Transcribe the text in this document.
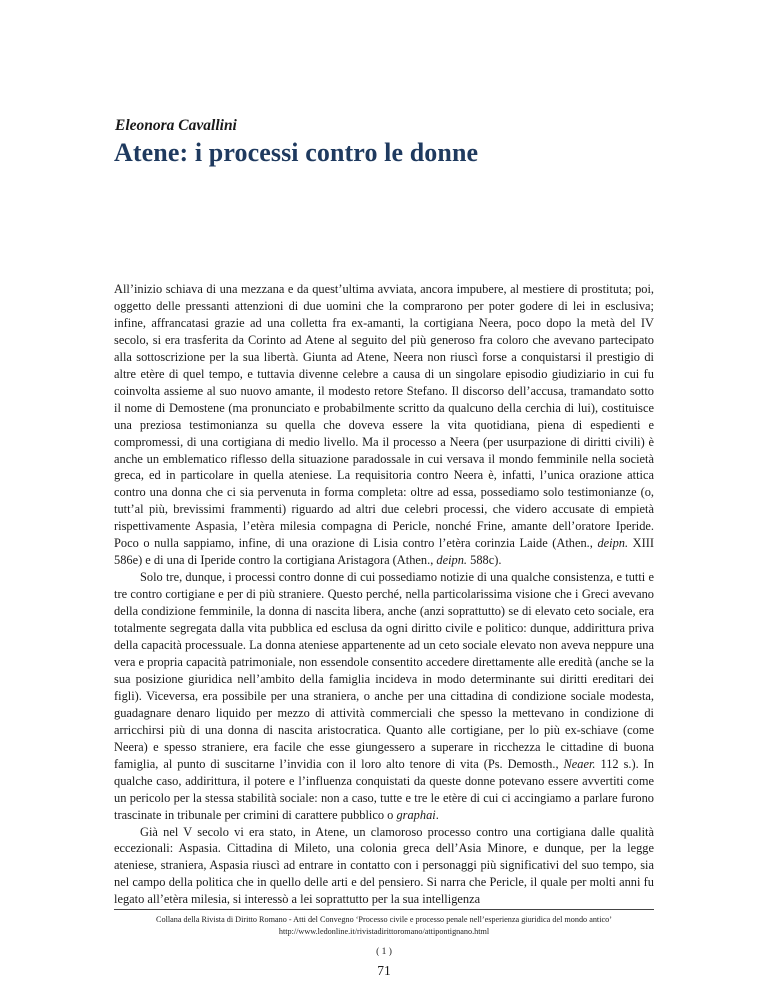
Eleonora Cavallini
Atene: i processi contro le donne

All’inizio schiava di una mezzana e da quest’ultima avviata, ancora impubere, al mestiere di prostituta; poi, oggetto delle pressanti attenzioni di due uomini che la comprarono per poter godere di lei in esclusiva; infine, affrancatasi grazie ad una colletta fra ex-amanti, la cortigiana Neera, poco dopo la metà del IV secolo, si era trasferita da Corinto ad Atene al seguito del più generoso fra coloro che avevano partecipato alla sottoscrizione per la sua libertà. Giunta ad Atene, Neera non riuscì forse a conquistarsi il prestigio di altre etère di quel tempo, e tuttavia divenne celebre a causa di un singolare episodio giudiziario in cui fu coinvolta assieme al suo nuovo amante, il modesto retore Stefano. Il discorso dell’accusa, tramandato sotto il nome di Demostene (ma pronunciato e probabilmente scritto da qualcuno della cerchia di lui), costituisce una preziosa testimonianza su quella che doveva essere la vita quotidiana, piena di espedienti e compromessi, di una cortigiana di medio livello. Ma il processo a Neera (per usurpazione di diritti civili) è anche un emblematico riflesso della situazione paradossale in cui versava il mondo femminile nella società greca, ed in particolare in quella ateniese. La requisitoria contro Neera è, infatti, l’unica orazione attica contro una donna che ci sia pervenuta in forma completa: oltre ad essa, possediamo solo testimonianze (o, tutt’al più, brevissimi frammenti) riguardo ad altri due celebri processi, che videro accusate di empietà rispettivamente Aspasia, l’etèra milesia compagna di Pericle, nonché Frine, amante dell’oratore Iperide. Poco o nulla sappiamo, infine, di una orazione di Lisia contro l’etèra corinzia Laide (Athen., deipn. XIII 586e) e di una di Iperide contro la cortigiana Aristagora (Athen., deipn. 588c).

Solo tre, dunque, i processi contro donne di cui possediamo notizie di una qualche consistenza, e tutti e tre contro cortigiane e per di più straniere. Questo perché, nella particolarissima visione che i Greci avevano della condizione femminile, la donna di nascita libera, anche (anzi soprattutto) se di elevato ceto sociale, era totalmente segregata dalla vita pubblica ed esclusa da ogni diritto civile e politico: dunque, addirittura priva della capacità processuale. La donna ateniese appartenente ad un ceto sociale elevato non aveva neppure una vera e propria capacità patrimoniale, non essendole consentito accedere direttamente alle eredità (anche se la sua posizione giuridica nell’ambito della famiglia incideva in modo determinante sui diritti ereditari dei figli). Viceversa, era possibile per una straniera, o anche per una cittadina di condizione sociale modesta, guadagnare denaro liquido per mezzo di attività commerciali che spesso la mettevano in condizione di arricchirsi più di una donna di nascita aristocratica. Quanto alle cortigiane, per lo più ex-schiave (come Neera) e spesso straniere, era facile che esse giungessero a superare in ricchezza le cittadine di buona famiglia, al punto di suscitarne l’invidia con il loro alto tenore di vita (Ps. Demosth., Neaer. 112 s.). In qualche caso, addirittura, il potere e l’influenza conquistati da queste donne potevano essere avvertiti come un pericolo per la stessa stabilità sociale: non a caso, tutte e tre le etère di cui ci accingiamo a parlare furono trascinate in tribunale per crimini di carattere pubblico o graphai.

Già nel V secolo vi era stato, in Atene, un clamoroso processo contro una cortigiana dalle qualità eccezionali: Aspasia. Cittadina di Mileto, una colonia greca dell’Asia Minore, e dunque, per la legge ateniese, straniera, Aspasia riuscì ad entrare in contatto con i personaggi più significativi del suo tempo, sia nel campo della politica che in quello delle arti e del pensiero. Si narra che Pericle, il quale per molti anni fu legato all’etèra milesia, si interessò a lei soprattutto per la sua intelligenza

Collana della Rivista di Diritto Romano - Atti del Convegno ‘Processo civile e processo penale nell’esperienza giuridica del mondo antico’
http://www.ledonline.it/rivistadirittoromano/attipontignano.html
( 1 )
71
